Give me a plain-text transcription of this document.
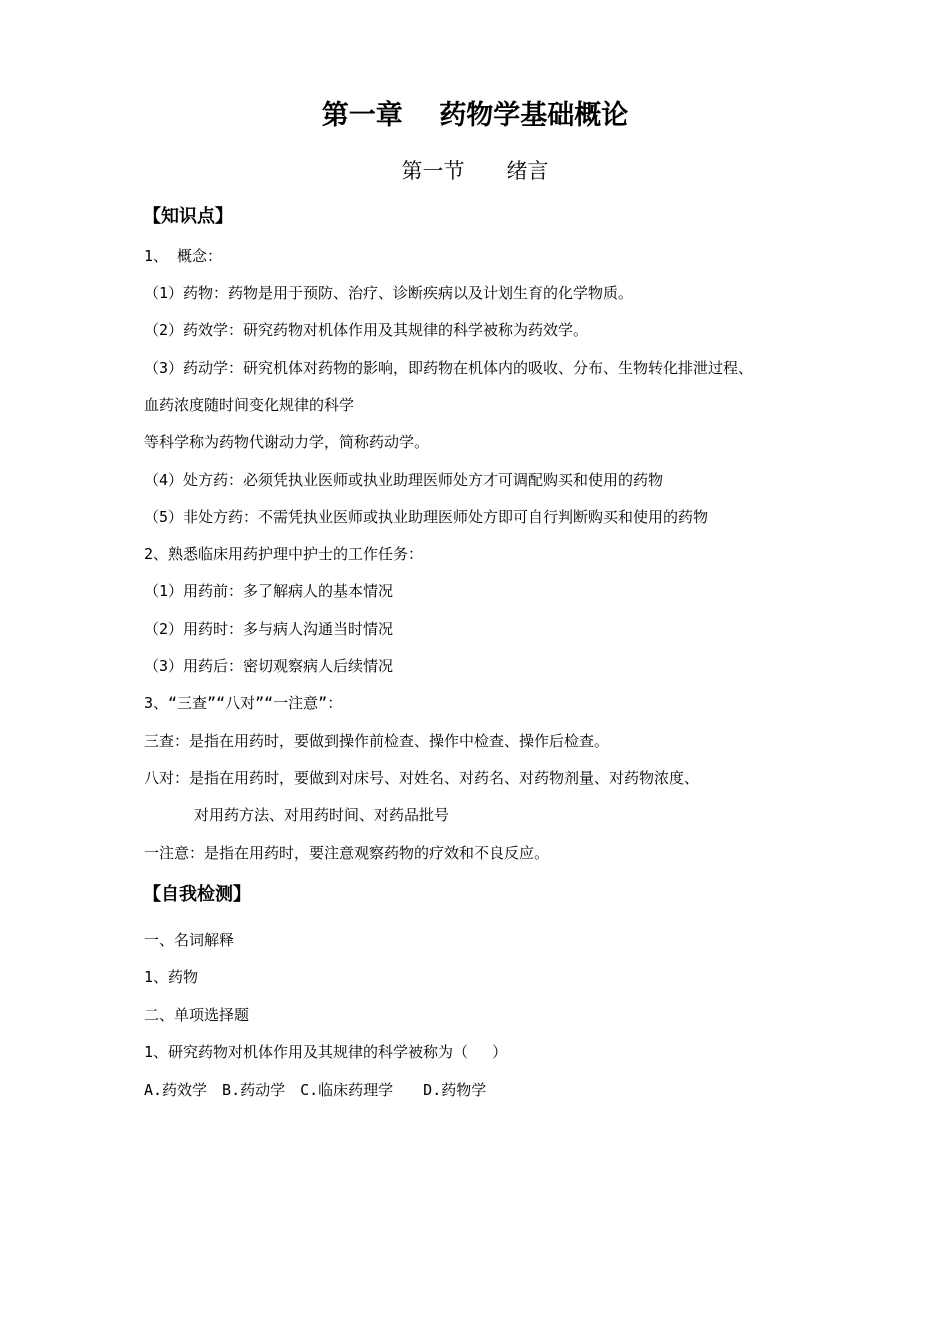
第一章　 药物学基础概论
第一节　　绪言
【知识点】
1、 概念：
（1）药物：药物是用于预防、治疗、诊断疾病以及计划生育的化学物质。
（2）药效学：研究药物对机体作用及其规律的科学被称为药效学。
（3）药动学：研究机体对药物的影响，即药物在机体内的吸收、分布、生物转化排泄过程、
血药浓度随时间变化规律的科学
等科学称为药物代谢动力学，简称药动学。
（4）处方药：必须凭执业医师或执业助理医师处方才可调配购买和使用的药物
（5）非处方药：不需凭执业医师或执业助理医师处方即可自行判断购买和使用的药物
2、熟悉临床用药护理中护士的工作任务：
（1）用药前：多了解病人的基本情况
（2）用药时：多与病人沟通当时情况
（3）用药后：密切观察病人后续情况
3、“三查”“八对”“一注意”：
三查：是指在用药时，要做到操作前检查、操作中检查、操作后检查。
八对：是指在用药时，要做到对床号、对姓名、对药名、对药物剂量、对药物浓度、
对用药方法、对用药时间、对药品批号
一注意：是指在用药时，要注意观察药物的疗效和不良反应。
【自我检测】
一、名词解释
1、药物
二、单项选择题
1、研究药物对机体作用及其规律的科学被称为（　 ）
A.药效学　B.药动学　C.临床药理学　　D.药物学
